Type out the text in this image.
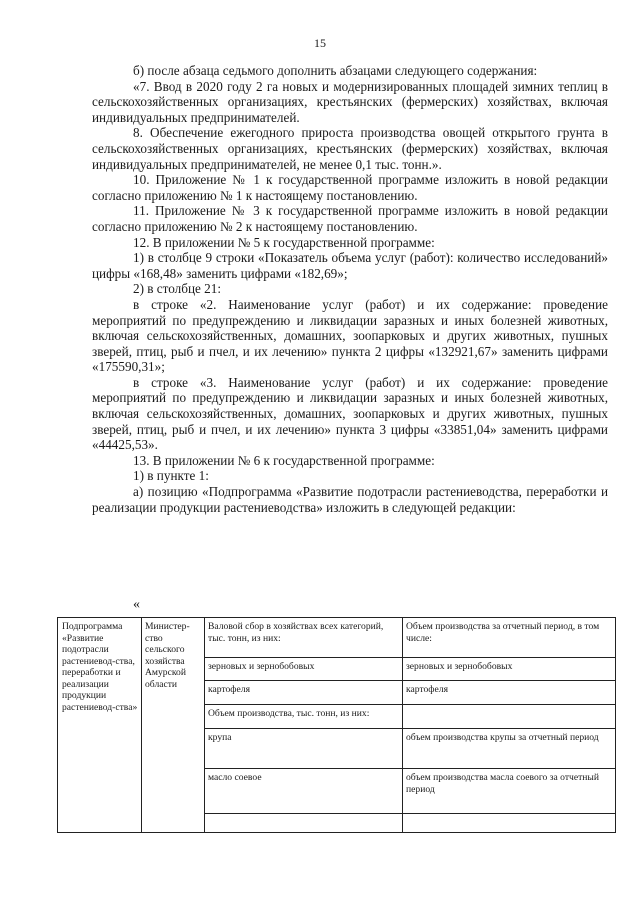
15

б) после абзаца седьмого дополнить абзацами следующего содержания:

«7. Ввод в 2020 году 2 га новых и модернизированных площадей зимних теплиц в сельскохозяйственных организациях, крестьянских (фермерских) хозяйствах, включая индивидуальных предпринимателей.

8. Обеспечение ежегодного прироста производства овощей открытого грунта в сельскохозяйственных организациях, крестьянских (фермерских) хозяйствах, включая индивидуальных предпринимателей, не менее 0,1 тыс. тонн.».

10. Приложение № 1 к государственной программе изложить в новой редакции согласно приложению № 1 к настоящему постановлению.

11. Приложение № 3 к государственной программе изложить в новой редакции согласно приложению № 2 к настоящему постановлению.

12. В приложении № 5 к государственной программе:

1) в столбце 9 строки «Показатель объема услуг (работ): количество исследований» цифры «168,48» заменить цифрами «182,69»;

2) в столбце 21:

в строке «2. Наименование услуг (работ) и их содержание: проведение мероприятий по предупреждению и ликвидации заразных и иных болезней животных, включая сельскохозяйственных, домашних, зоопарковых и других животных, пушных зверей, птиц, рыб и пчел, и их лечению» пункта 2 цифры «132921,67» заменить цифрами «175590,31»;

в строке «3. Наименование услуг (работ) и их содержание: проведение мероприятий по предупреждению и ликвидации заразных и иных болезней животных, включая сельскохозяйственных, домашних, зоопарковых и других животных, пушных зверей, птиц, рыб и пчел, и их лечению» пункта 3 цифры «33851,04» заменить цифрами «44425,53».

13. В приложении № 6 к государственной программе:

1) в пункте 1:

а) позицию «Подпрограмма «Развитие подотрасли растениеводства, переработки и реализации продукции растениеводства» изложить в следующей редакции:

«
Подпрограмма «Развитие подотрасли растениевод-ства, переработки и реализации продукции растениевод-ства»	Министер-ство сельского хозяйства Амурской области	Валовой сбор в хозяйствах всех категорий, тыс. тонн, из них:	Объем производства за отчетный период, в том числе:

		зерновых и зернобобовых	зерновых и зернобобовых

		картофеля	картофеля

		Объем производства, тыс. тонн, из них:	

		крупа	объем производства крупы за отчетный период

		масло соевое	объем производства масла соевого за отчетный период
